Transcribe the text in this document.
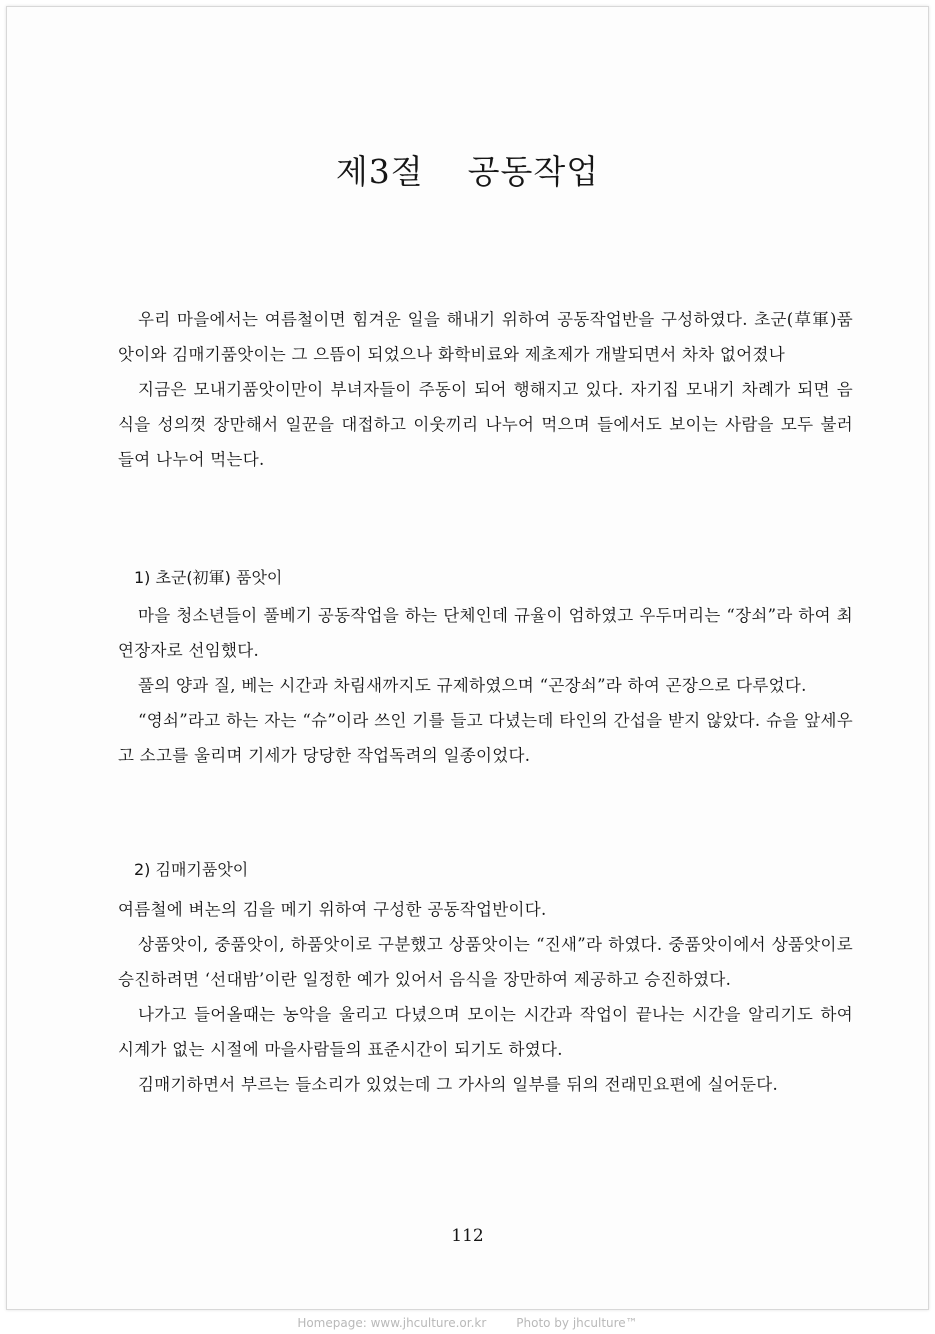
제3절 공동작업

우리 마을에서는 여름철이면 힘겨운 일을 해내기 위하여 공동작업반을 구성하였다. 초군(草軍)품앗이와 김매기품앗이는 그 으뜸이 되었으나 화학비료와 제초제가 개발되면서 차차 없어졌나

지금은 모내기품앗이만이 부녀자들이 주동이 되어 행해지고 있다. 자기집 모내기 차례가 되면 음식을 성의껏 장만해서 일꾼을 대접하고 이웃끼리 나누어 먹으며 들에서도 보이는 사람을 모두 불러 들여 나누어 먹는다.

1) 초군(初軍) 품앗이

마을 청소년들이 풀베기 공동작업을 하는 단체인데 규율이 엄하였고 우두머리는 “장쇠”라 하여 최연장자로 선임했다.

풀의 양과 질, 베는 시간과 차림새까지도 규제하였으며 “곤장쇠”라 하여 곤장으로 다루었다.

“영쇠”라고 하는 자는 “슈”이라 쓰인 기를 들고 다녔는데 타인의 간섭을 받지 않았다. 슈을 앞세우고 소고를 울리며 기세가 당당한 작업독려의 일종이었다.

2) 김매기품앗이

여름철에 벼논의 김을 메기 위하여 구성한 공동작업반이다.

상품앗이, 중품앗이, 하품앗이로 구분했고 상품앗이는 “진새”라 하였다. 중품앗이에서 상품앗이로 승진하려면 ‘선대밤’이란 일정한 예가 있어서 음식을 장만하여 제공하고 승진하였다.

나가고 들어올때는 농악을 울리고 다녔으며 모이는 시간과 작업이 끝나는 시간을 알리기도 하여 시계가 없는 시절에 마을사람들의 표준시간이 되기도 하였다.

김매기하면서 부르는 들소리가 있었는데 그 가사의 일부를 뒤의 전래민요편에 실어둔다.

112
Homepage: www.jhculture.or.kr	Photo by jhculture™
